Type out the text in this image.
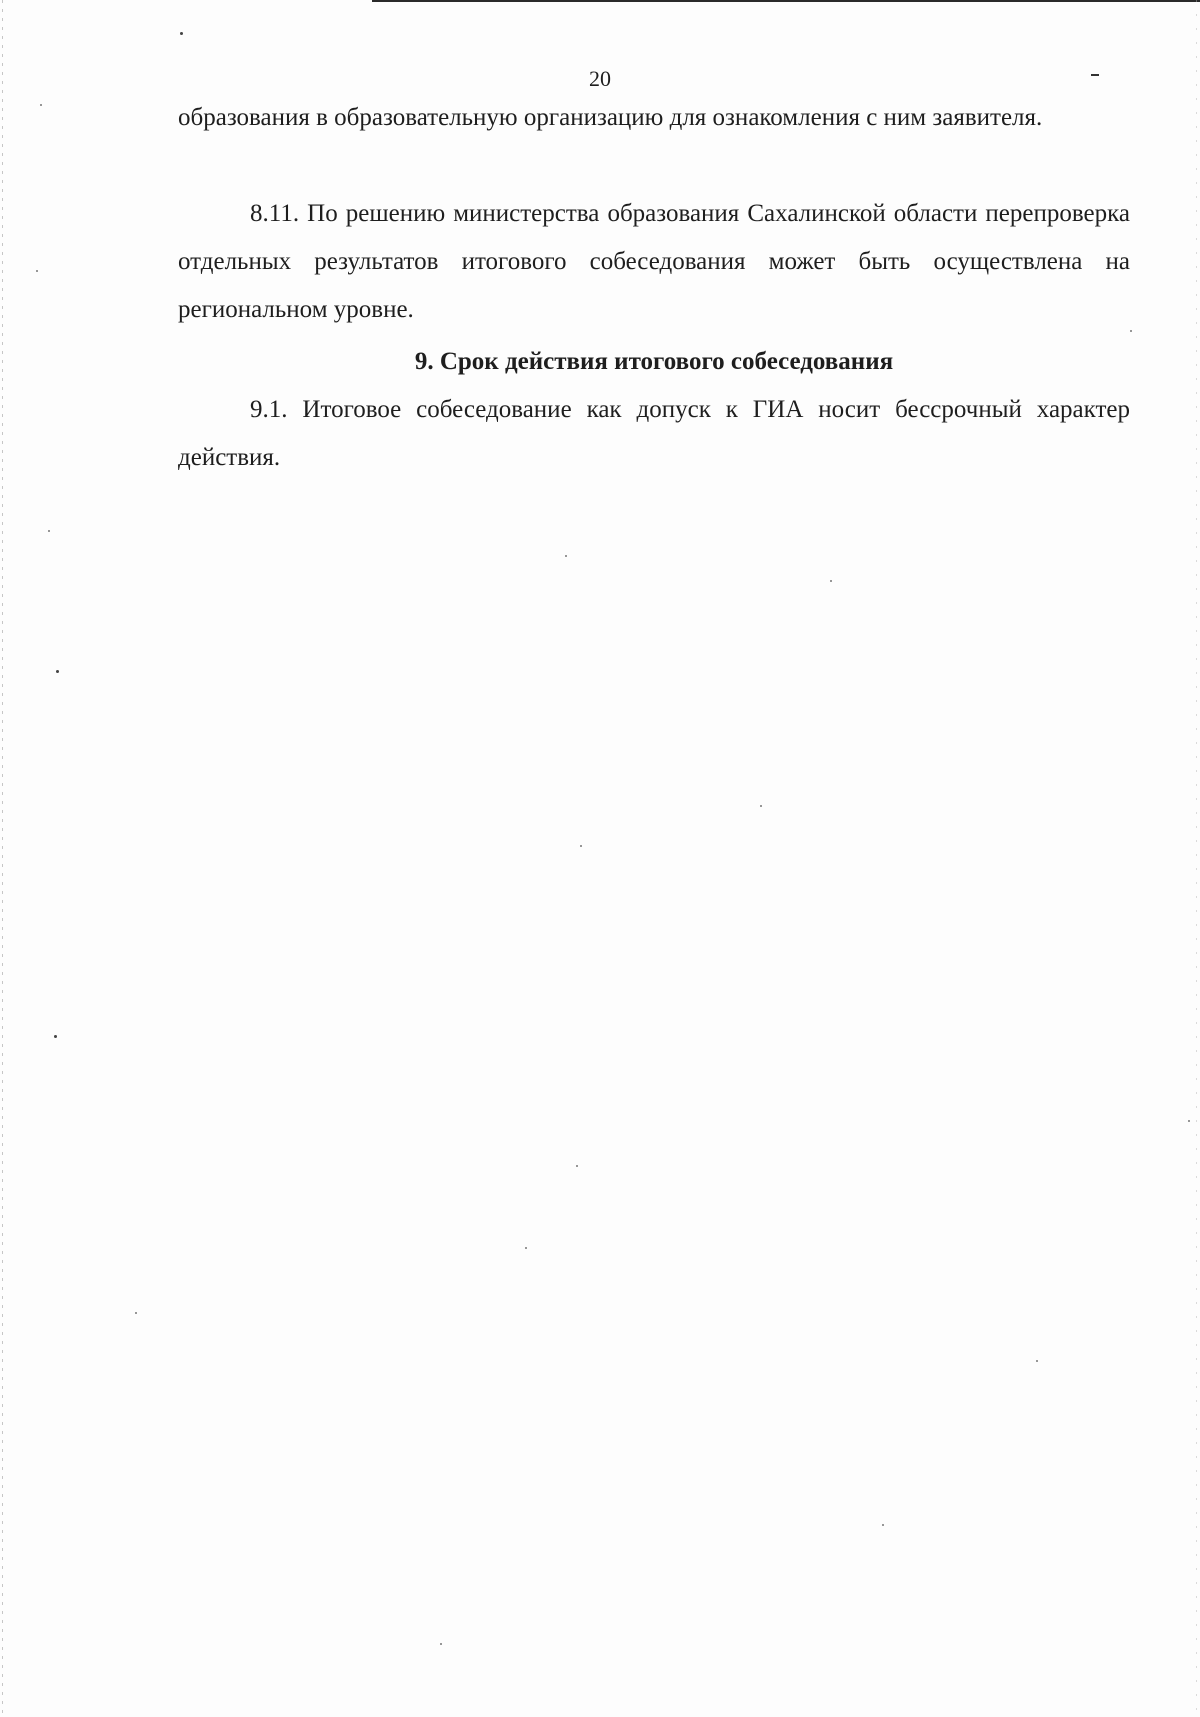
20

образования в образовательную организацию для ознакомления с ним заявителя.

8.11. По решению министерства образования Сахалинской области перепроверка отдельных результатов итогового собеседования может быть осуществлена на региональном уровне.

9. Срок действия итогового собеседования

9.1. Итоговое собеседование как допуск к ГИА носит бессрочный характер действия.
